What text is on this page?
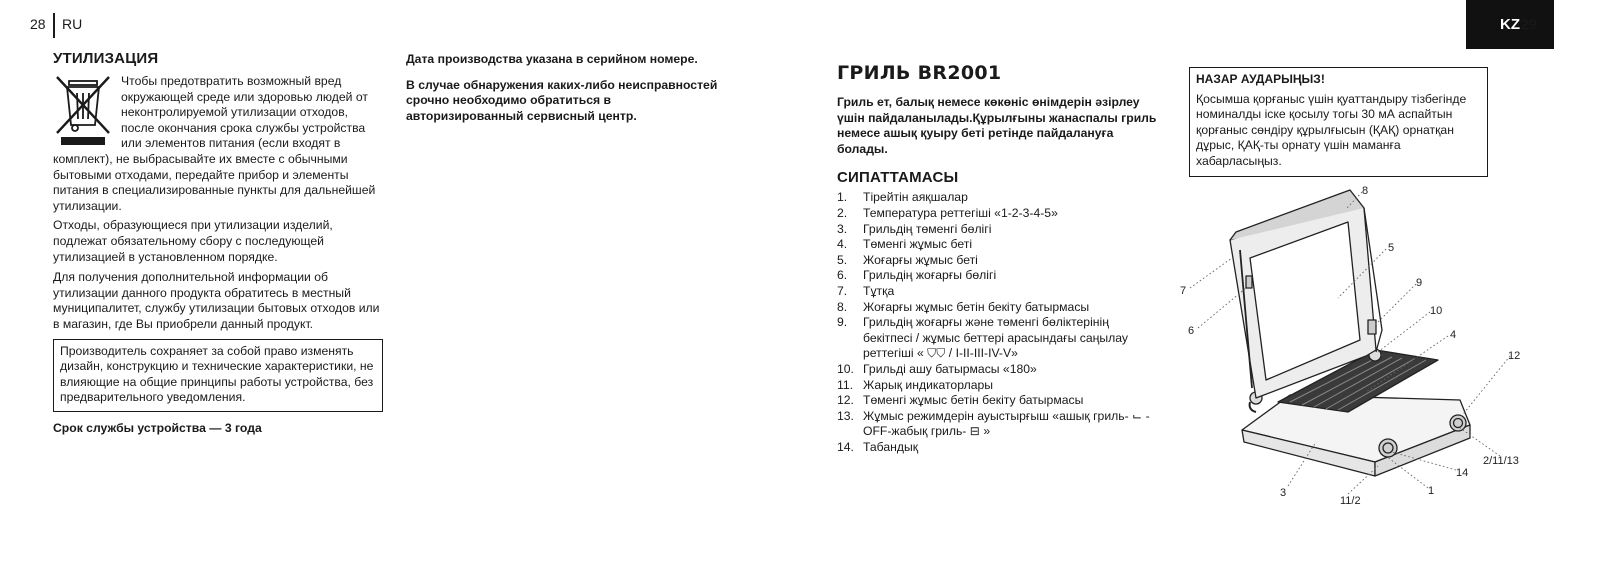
28 RU
УТИЛИЗАЦИЯ
Чтобы предотвратить возможный вред окружающей среде или здоровью людей от неконтролируемой утилизации отходов, после окончания срока службы устройства или элементов питания (если входят в комплект), не выбрасывайте их вместе с обычными бытовыми отходами, передайте прибор и элементы питания в специализированные пункты для дальнейшей утилизации.

Отходы, образующиеся при утилизации изделий, подлежат обязательному сбору с последующей утилизацией в установленном порядке.

Для получения дополнительной информации об утилизации данного продукта обратитесь в местный муниципалитет, службу утилизации бытовых отходов или в магазин, где Вы приобрели данный продукт.

Производитель сохраняет за собой право изменять дизайн, конструкцию и технические характеристики, не влияющие на общие принципы работы устройства, без предварительного уведомления.

Срок службы устройства — 3 года

Дата производства указана в серийном номере.

В случае обнаружения каких-либо неисправностей срочно необходимо обратиться в авторизированный сервисный центр.

KZ 29
ГРИЛЬ BR2001

Гриль ет, балық немесе көкөніс өнімдерін әзірлеу үшін пайдаланылады.Құрылғыны жанаспалы гриль немесе ашық қуыру беті ретінде пайдалануға болады.

СИПАТТАМАСЫ
1. Тірейтін аяқшалар
2. Температура реттегіші «1-2-3-4-5»
3. Грильдің төменгі бөлігі
4. Төменгі жұмыс беті
5. Жоғарғы жұмыс беті
6. Грильдің жоғарғы бөлігі
7. Тұтқа
8. Жоғарғы жұмыс бетін бекіту батырмасы
9. Грильдің жоғарғы және төменгі бөліктерінің бекітпесі / жұмыс беттері арасындағы саңылау реттегіші « ⛉⛉ / I-II-III-IV-V»
10. Грильді ашу батырмасы «180»
11. Жарық индикаторлары
12. Төменгі жұмыс бетін бекіту батырмасы
13. Жұмыс режимдерін ауыстырғыш «ашық гриль- ⌙ -OFF-жабық гриль- ⊟ »
14. Табандық
НАЗАР АУДАРЫҢЫЗ!

Қосымша қорғаныс үшін қуаттандыру тізбегінде номиналды іске қосылу тогы 30 мА аспайтын қорғаныс сөндіру құрылғысын (ҚАҚ) орнатқан дұрыс, ҚАҚ-ты орнату үшін маманға хабарласыңыз.

8
5
7
9
6
10
4
12
2/11/13
14
3	1
11/2
